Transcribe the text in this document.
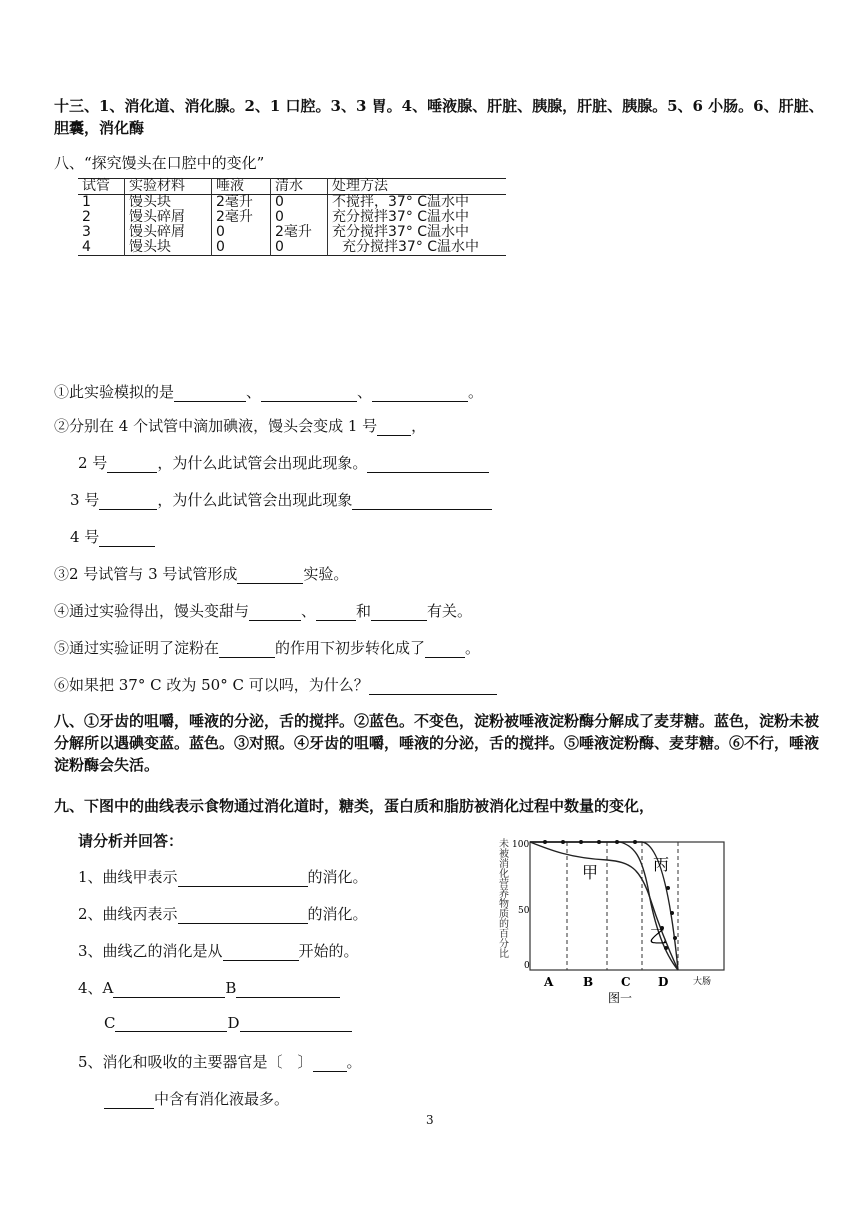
十三、1、消化道、消化腺。2、1 口腔。3、3 胃。4、唾液腺、肝脏、胰腺，肝脏、胰腺。5、6 小肠。6、肝脏、胆囊，消化酶
八、“探究馒头在口腔中的变化”
试管	实验材料	唾液	清水	处理方法
1	馒头块	2毫升	0	不搅拌，37° C温水中
2	馒头碎屑	2毫升	0	充分搅拌37° C温水中
3	馒头碎屑	0	2毫升	充分搅拌37° C温水中
4	馒头块	0	0	充分搅拌37° C温水中
①此实验模拟的是	、	、	。
②分别在 4 个试管中滴加碘液，馒头会变成 1 号 ，
2 号	，为什么此试管会出现此现象。
3 号	，为什么此试管会出现此现象
4 号
③2 号试管与 3 号试管形成	实验。
④通过实验得出，馒头变甜与	、	和	有关。
⑤通过实验证明了淀粉在	的作用下初步转化成了	。
⑥如果把 37° C 改为 50° C 可以吗，为什么？
八、①牙齿的咀嚼，唾液的分泌，舌的搅拌。②蓝色。不变色，淀粉被唾液淀粉酶分解成了麦芽糖。蓝色，淀粉未被分解所以遇碘变蓝。蓝色。③对照。④牙齿的咀嚼，唾液的分泌，舌的搅拌。⑤唾液淀粉酶、麦芽糖。⑥不行，唾液淀粉酶会失活。
九、下图中的曲线表示食物通过消化道时，糖类，蛋白质和脂肪被消化过程中数量的变化，
请分析并回答：
1、曲线甲表示	的消化。
2、曲线丙表示	的消化。
3、曲线乙的消化是从	开始的。
4、A	B
C	D
5、消化和吸收的主要器官是〔　〕 。
中含有消化液最多。
未被消化营养物质的百分比 100
50
0
甲	丙
乙
A B C D	大肠
图一
3
